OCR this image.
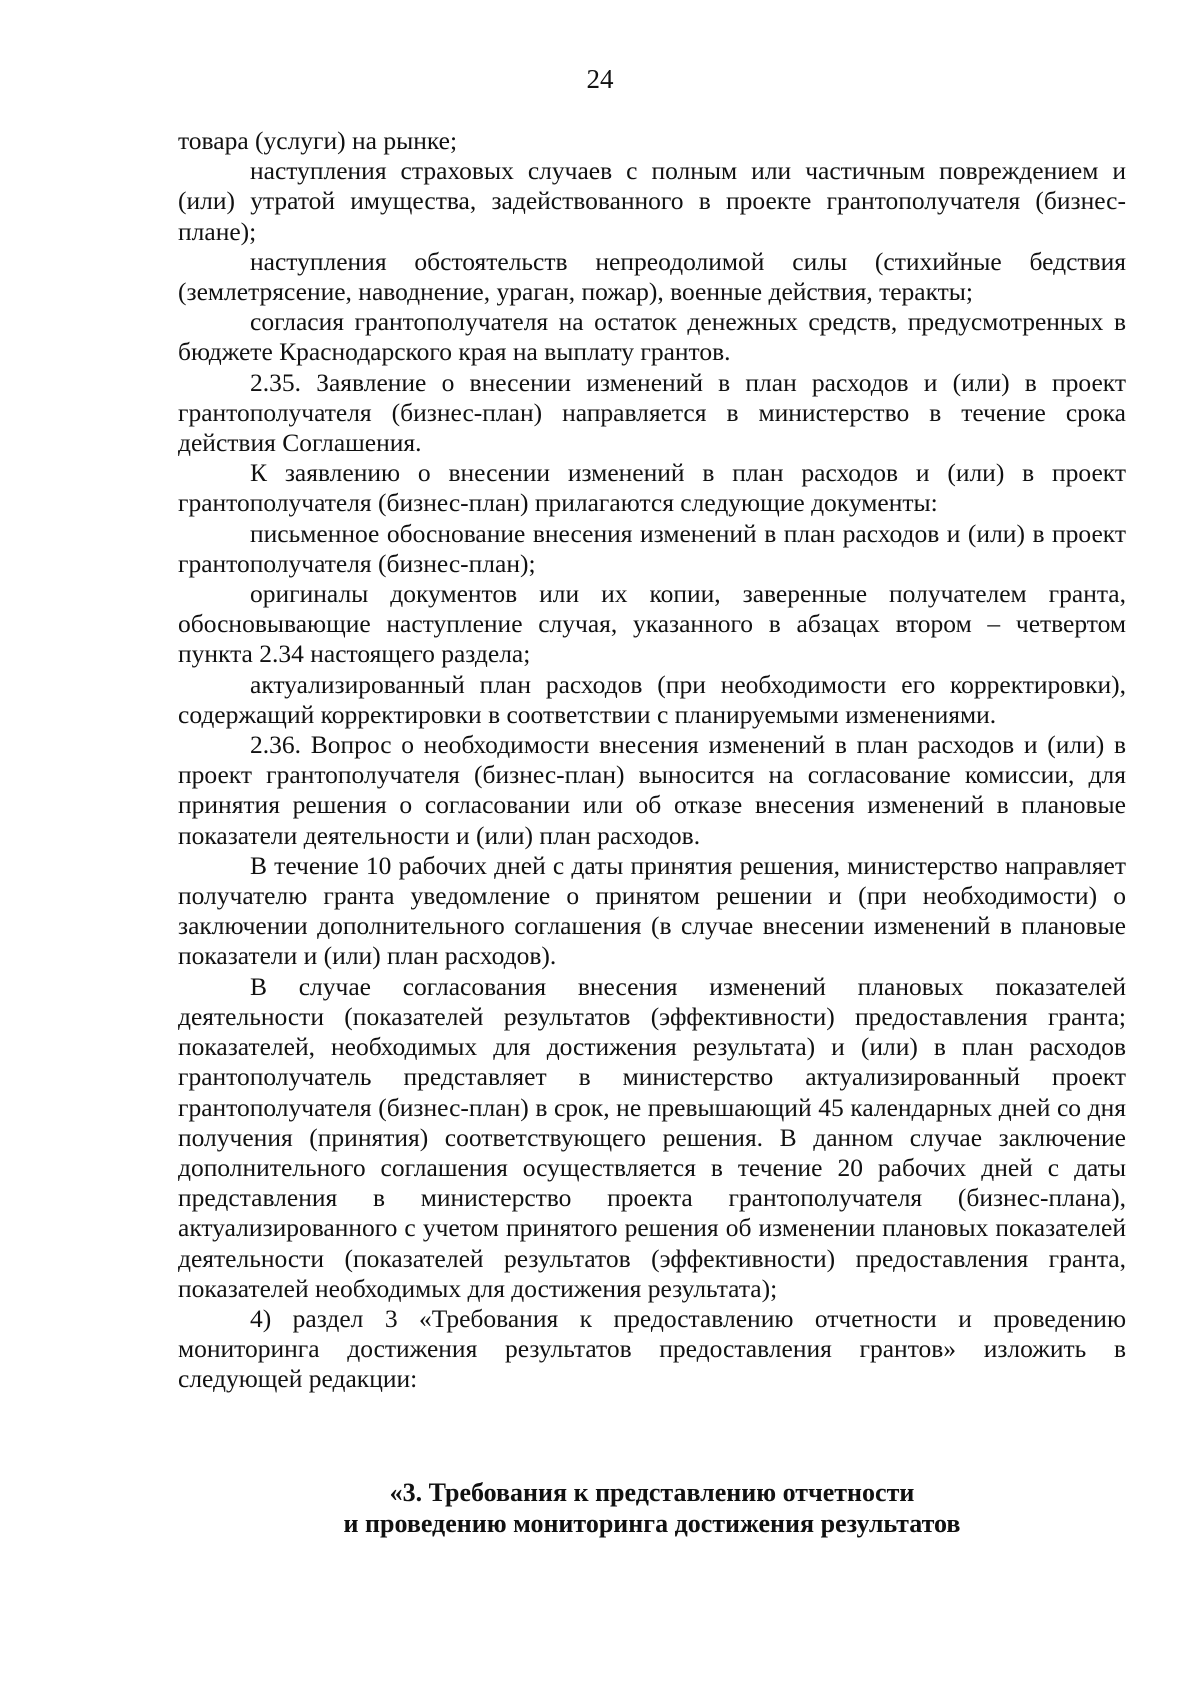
24

товара (услуги) на рынке;

наступления страховых случаев с полным или частичным повреждением и (или) утратой имущества, задействованного в проекте грантополучателя (бизнес-плане);

наступления обстоятельств непреодолимой силы (стихийные бедствия (землетрясение, наводнение, ураган, пожар), военные действия, теракты;

согласия грантополучателя на остаток денежных средств, предусмотренных в бюджете Краснодарского края на выплату грантов.

2.35. Заявление о внесении изменений в план расходов и (или) в проект грантополучателя (бизнес-план) направляется в министерство в течение срока действия Соглашения.

К заявлению о внесении изменений в план расходов и (или) в проект грантополучателя (бизнес-план) прилагаются следующие документы:

письменное обоснование внесения изменений в план расходов и (или) в проект грантополучателя (бизнес-план);

оригиналы документов или их копии, заверенные получателем гранта, обосновывающие наступление случая, указанного в абзацах втором – четвертом пункта 2.34 настоящего раздела;

актуализированный план расходов (при необходимости его корректировки), содержащий корректировки в соответствии с планируемыми изменениями.

2.36. Вопрос о необходимости внесения изменений в план расходов и (или) в проект грантополучателя (бизнес-план) выносится на согласование комиссии, для принятия решения о согласовании или об отказе внесения изменений в плановые показатели деятельности и (или) план расходов.

В течение 10 рабочих дней с даты принятия решения, министерство направляет получателю гранта уведомление о принятом решении и (при необходимости) о заключении дополнительного соглашения (в случае внесении изменений в плановые показатели и (или) план расходов).

В случае согласования внесения изменений плановых показателей деятельности (показателей результатов (эффективности) предоставления гранта; показателей, необходимых для достижения результата) и (или) в план расходов грантополучатель представляет в министерство актуализированный проект грантополучателя (бизнес-план) в срок, не превышающий 45 календарных дней со дня получения (принятия) соответствующего решения. В данном случае заключение дополнительного соглашения осуществляется в течение 20 рабочих дней с даты представления в министерство проекта грантополучателя (бизнес-плана), актуализированного с учетом принятого решения об изменении плановых показателей деятельности (показателей результатов (эффективности) предоставления гранта, показателей необходимых для достижения результата);

4) раздел 3 «Требования к предоставлению отчетности и проведению мониторинга достижения результатов предоставления грантов» изложить в следующей редакции:

«3. Требования к представлению отчетности
и проведению мониторинга достижения результатов
